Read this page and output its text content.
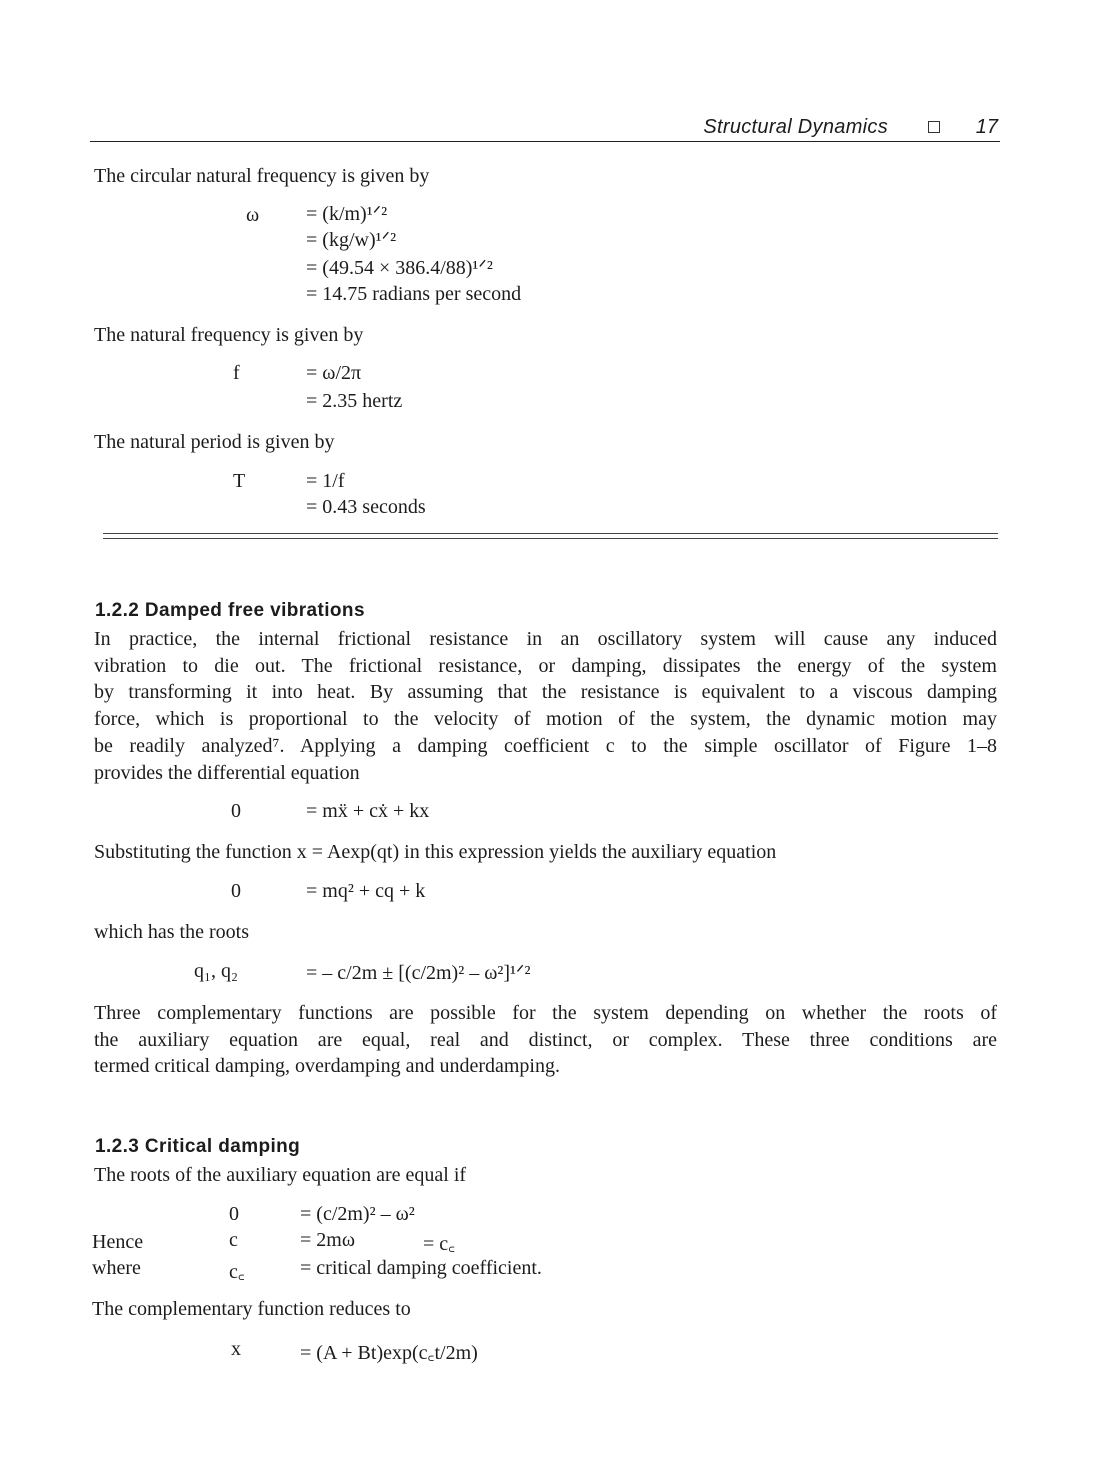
Structural Dynamics	17
The circular natural frequency is given by
ω = (k/m)¹ᐟ²
= (kg/w)¹ᐟ²
= (49.54 × 386.4/88)¹ᐟ²
= 14.75 radians per second
The natural frequency is given by
f	= ω/2π
= 2.35 hertz
The natural period is given by
T	= 1/f
= 0.43 seconds
1.2.2 Damped free vibrations
In practice, the internal frictional resistance in an oscillatory system will cause any induced
vibration to die out. The frictional resistance, or damping, dissipates the energy of the system
by transforming it into heat. By assuming that the resistance is equivalent to a viscous damping
force, which is proportional to the velocity of motion of the system, the dynamic motion may
be readily analyzed⁷. Applying a damping coefficient c to the simple oscillator of Figure 1–8
provides the differential equation
0	= mẍ + cẋ + kx
Substituting the function x = Aexp(qt) in this expression yields the auxiliary equation
0	= mq² + cq + k
which has the roots
q₁, q₂	= – c/2m ± [(c/2m)² – ω²]¹ᐟ²
Three complementary functions are possible for the system depending on whether the roots of
the auxiliary equation are equal, real and distinct, or complex. These three conditions are
termed critical damping, overdamping and underdamping.
1.2.3 Critical damping
The roots of the auxiliary equation are equal if
0	= (c/2m)² – ω²
Hence	c	= 2mω	= c꜀
where	c꜀	= critical damping coefficient.
The complementary function reduces to
x	= (A + Bt)exp(c꜀t/2m)
